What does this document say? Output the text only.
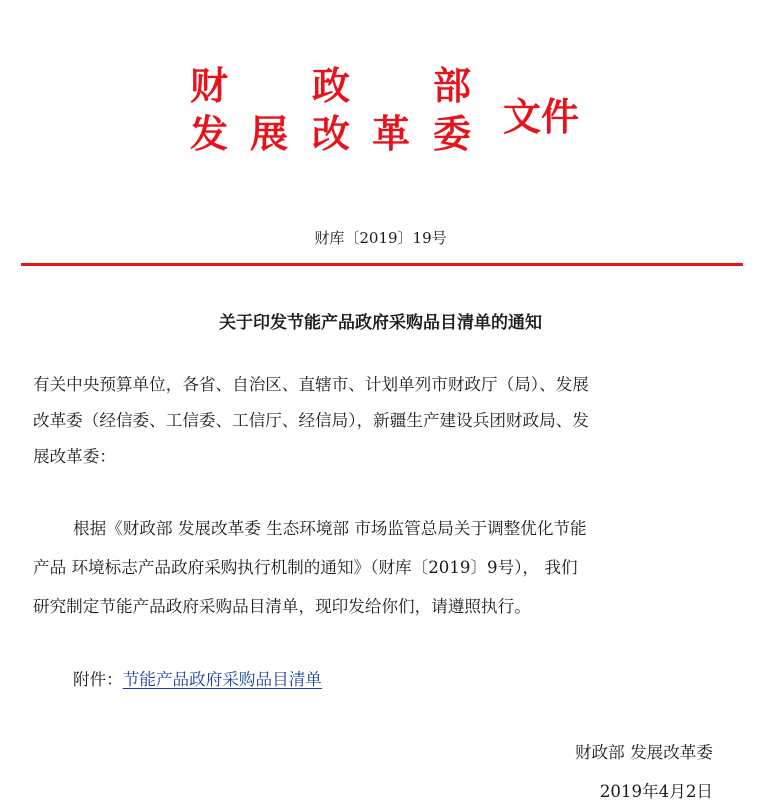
财 政 部
发 展 改 革 委 文件
财库〔2019〕19号
关于印发节能产品政府采购品目清单的通知
有关中央预算单位，各省、自治区、直辖市、计划单列市财政厅（局）、发展
改革委（经信委、工信委、工信厅、经信局），新疆生产建设兵团财政局、发
展改革委：
根据《财政部 发展改革委 生态环境部 市场监管总局关于调整优化节能
产品 环境标志产品政府采购执行机制的通知》（财库〔2019〕9号）， 我们
研究制定节能产品政府采购品目清单，现印发给你们，请遵照执行。
附件：节能产品政府采购品目清单
财政部 发展改革委
2019年4月2日
